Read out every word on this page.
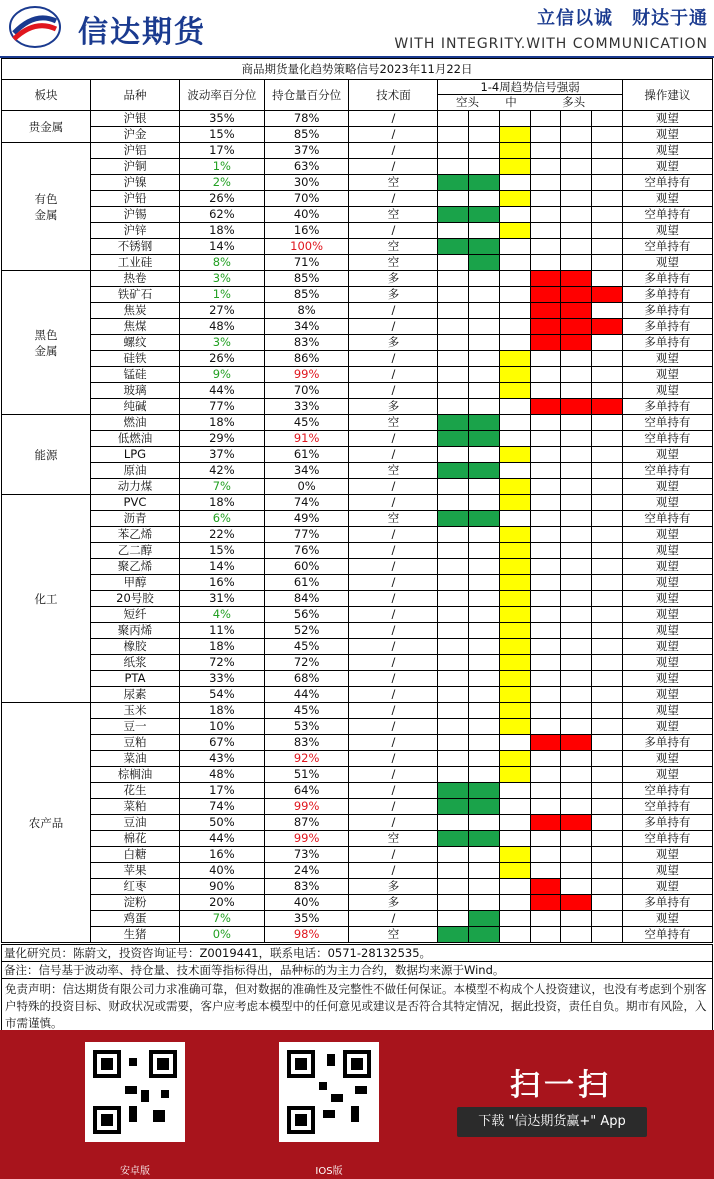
信达期货	立信以诚　财达于通
WITH INTEGRITY.WITH COMMUNICATION
商品期货量化趋势策略信号2023年11月22日											
板块	品种	波动率百分位	持仓量百分位	技术面	1-4周趋势信号强弱
空头 中 多头						操作建议
贵金属	沪银	35%	78%	/							观望
	沪金	15%	85%	/							观望
有色
金属	沪铝	17%	37%	/							观望
	沪铜	1%	63%	/							观望
	沪镍	2%	30%	空							空单持有
	沪铅	26%	70%	/							观望
	沪锡	62%	40%	空							空单持有
	沪锌	18%	16%	/							观望
	不锈钢	14%	100%	空							空单持有
	工业硅	8%	71%	空							观望
黑色
金属	热卷	3%	85%	多							多单持有
	铁矿石	1%	85%	多							多单持有
	焦炭	27%	8%	/							多单持有
	焦煤	48%	34%	/							多单持有
	螺纹	3%	83%	多							多单持有
	硅铁	26%	86%	/							观望
	锰硅	9%	99%	/							观望
	玻璃	44%	70%	/							观望
	纯碱	77%	33%	多							多单持有
能源	燃油	18%	45%	空							空单持有
	低燃油	29%	91%	/							空单持有
	LPG	37%	61%	/							观望
	原油	42%	34%	空							空单持有
	动力煤	7%	0%	/							观望
化工	PVC	18%	74%	/							观望
	沥青	6%	49%	空							空单持有
	苯乙烯	22%	77%	/							观望
	乙二醇	15%	76%	/							观望
	聚乙烯	14%	60%	/							观望
	甲醇	16%	61%	/							观望
	20号胶	31%	84%	/							观望
	短纤	4%	56%	/							观望
	聚丙烯	11%	52%	/							观望
	橡胶	18%	45%	/							观望
	纸浆	72%	72%	/							观望
	PTA	33%	68%	/							观望
	尿素	54%	44%	/							观望
农产品	玉米	18%	45%	/							观望
	豆一	10%	53%	/							观望
	豆粕	67%	83%	/							多单持有
	菜油	43%	92%	/							观望
	棕榈油	48%	51%	/							观望
	花生	17%	64%	/							空单持有
	菜粕	74%	99%	/							空单持有
	豆油	50%	87%	/							多单持有
	棉花	44%	99%	空							空单持有
	白糖	16%	73%	/							观望
	苹果	40%	24%	/							观望
	红枣	90%	83%	多							观望
	淀粉	20%	40%	多							多单持有
	鸡蛋	7%	35%	/							观望
	生猪	0%	98%	空							空单持有
量化研究员：陈蔚文，投资咨询证号：Z0019441，联系电话：0571-28132535。
备注：信号基于波动率、持仓量、技术面等指标得出，品种标的为主力合约，数据均来源于Wind。
免责声明：信达期货有限公司力求准确可靠，但对数据的准确性及完整性不做任何保证。本模型不构成个人投资建议，也没有考虑到个别客户特殊的投资目标、财政状况或需要，客户应考虑本模型中的任何意见或建议是否符合其特定情况，据此投资，责任自负。期市有风险，入市需谨慎。
安卓版	IOS版
扫一扫
下载 "信达期货赢+" App
